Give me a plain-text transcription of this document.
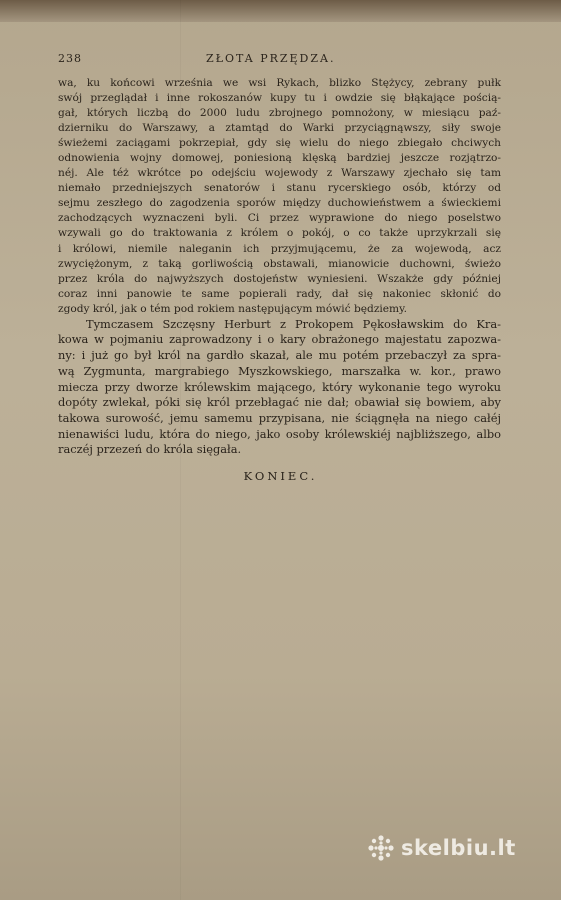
238	ZŁOTA PRZĘDZA.
wa, ku końcowi września we wsi Rykach, blizko Stężycy, zebrany pułk
swój przeglądał i inne rokoszanów kupy tu i owdzie się błąkające pością-
gał, których liczbą do 2000 ludu zbrojnego pomnożony, w miesiącu paź-
dzierniku do Warszawy, a ztamtąd do Warki przyciągnąwszy, siły swoje
świeżemi zaciągami pokrzepiał, gdy się wielu do niego zbiegało chciwych
odnowienia wojny domowej, poniesioną klęską bardziej jeszcze rozjątrzo-
néj. Ale téż wkrótce po odejściu wojewody z Warszawy zjechało się tam
niemało przedniejszych senatorów i stanu rycerskiego osób, którzy od
sejmu zeszłego do zagodzenia sporów między duchowieństwem a świeckiemi
zachodzących wyznaczeni byli. Ci przez wyprawione do niego poselstwo
wzywali go do traktowania z królem o pokój, o co także uprzykrzali się
i królowi, niemile naleganin ich przyjmującemu, że za wojewodą, acz
zwyciężonym, z taką gorliwością obstawali, mianowicie duchowni, świeżo
przez króla do najwyższych dostojeństw wyniesieni. Wszakże gdy później
coraz inni panowie te same popierali rady, dał się nakoniec skłonić do
zgody król, jak o tém pod rokiem następującym mówić będziemy.
Tymczasem Szczęsny Herburt z Prokopem Pękosławskim do Kra-
kowa w pojmaniu zaprowadzony i o kary obrażonego majestatu zapozwa-
ny: i już go był król na gardło skazał, ale mu potém przebaczył za spra-
wą Zygmunta, margrabiego Myszkowskiego, marszałka w. kor., prawo
miecza przy dworze królewskim mającego, który wykonanie tego wyroku
dopóty zwlekał, póki się król przebłagać nie dał; obawiał się bowiem, aby
takowa surowość, jemu samemu przypisana, nie ściągnęła na niego całéj
nienawiści ludu, która do niego, jako osoby królewskiéj najbliższego, albo
raczéj przezeń do króla sięgała.
KONIEC.
skelbiu.lt
